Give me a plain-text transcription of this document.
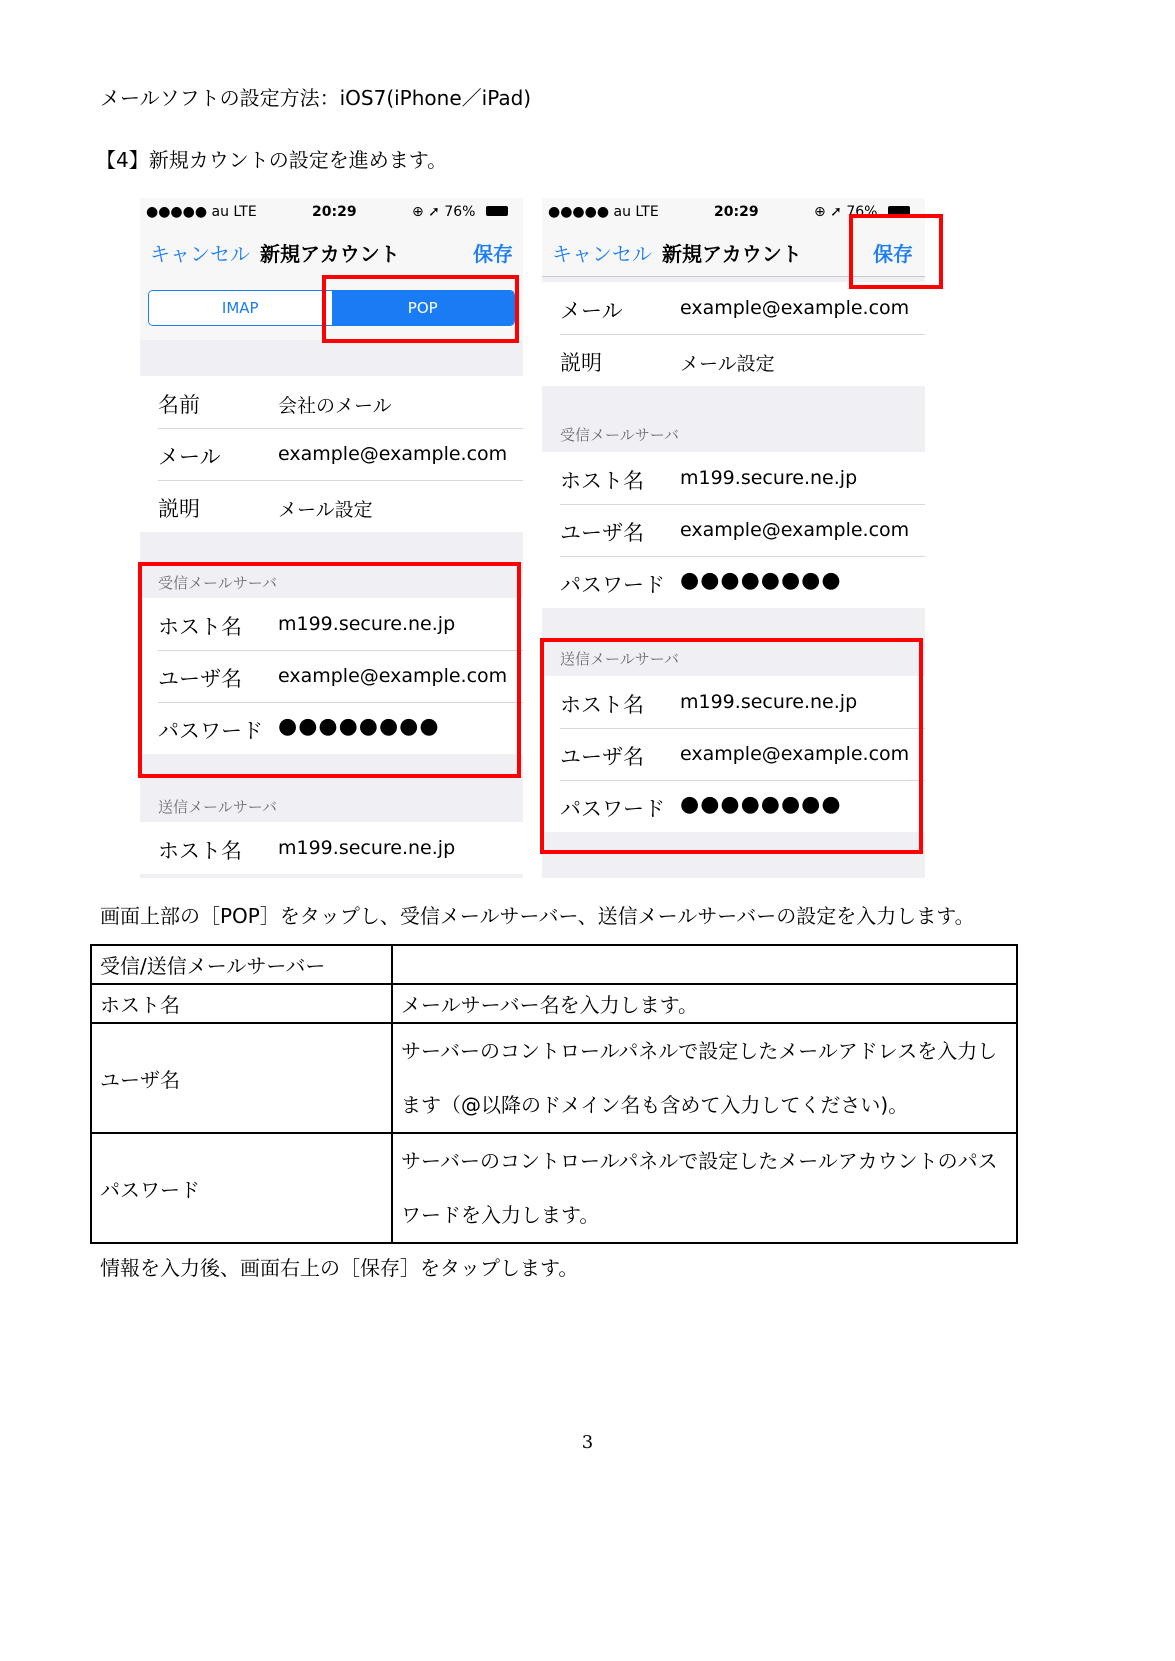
メールソフトの設定方法：iOS7(iPhone／iPad)
【4】新規カウントの設定を進めます。
●●●●● au LTE	20:29	⊕ ➚ 76%
キャンセル 新規アカウント	保存
IMAP	POP
名前	会社のメール
メール	example@example.com
説明	メール設定
受信メールサーバ
ホスト名 m199.secure.ne.jp
ユーザ名 example@example.com
パスワード ●●●●●●●●
送信メールサーバ
ホスト名 m199.secure.ne.jp
●●●●● au LTE	20:29	⊕ ➚ 76%
キャンセル 新規アカウント	保存
メール	example@example.com
説明	メール設定
受信メールサーバ
ホスト名 m199.secure.ne.jp
ユーザ名 example@example.com
パスワード ●●●●●●●●
送信メールサーバ
ホスト名 m199.secure.ne.jp
ユーザ名 example@example.com
パスワード ●●●●●●●●
画面上部の［POP］をタップし、受信メールサーバー、送信メールサーバーの設定を入力します。
受信/送信メールサーバー	
ホスト名	メールサーバー名を入力します。
ユーザ名	サーバーのコントロールパネルで設定したメールアドレスを入力します（@以降のドメイン名も含めて入力してください)。
パスワード	サーバーのコントロールパネルで設定したメールアカウントのパスワードを入力します。
情報を入力後、画面右上の［保存］をタップします。
3
